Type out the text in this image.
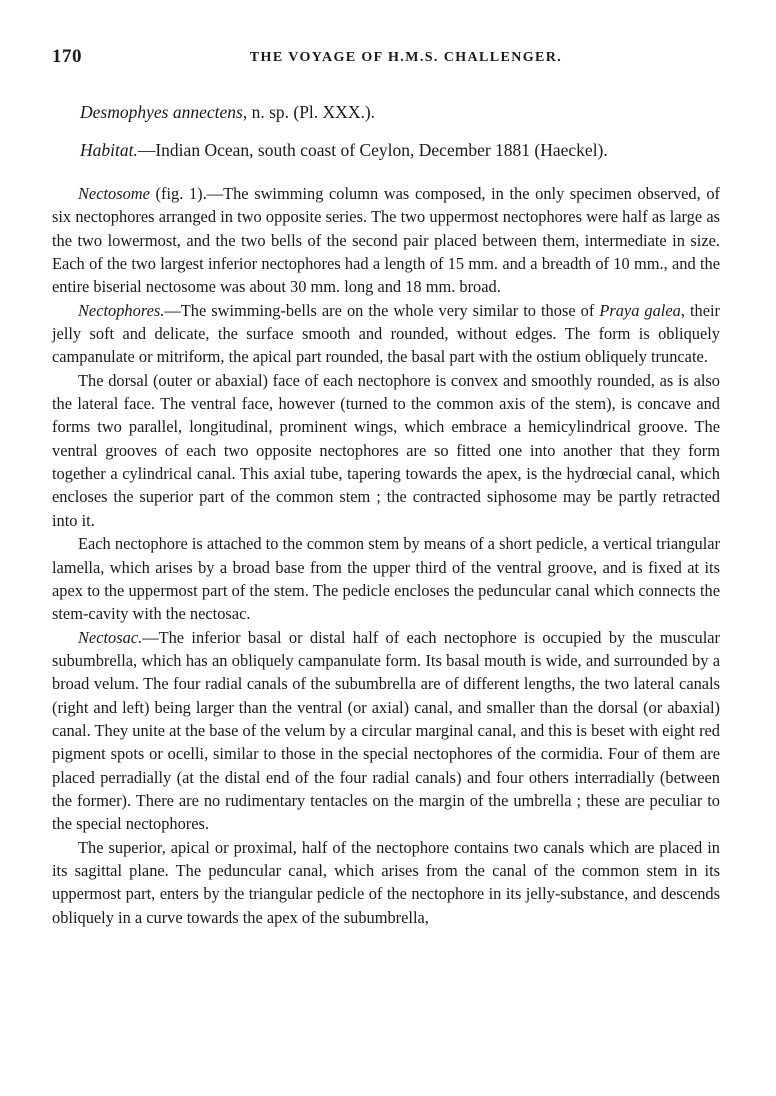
170	THE VOYAGE OF H.M.S. CHALLENGER.
Desmophyes annectens, n. sp. (Pl. XXX.).
Habitat.—Indian Ocean, south coast of Ceylon, December 1881 (Haeckel).

Nectosome (fig. 1).—The swimming column was composed, in the only specimen observed, of six nectophores arranged in two opposite series. The two uppermost nectophores were half as large as the two lowermost, and the two bells of the second pair placed between them, intermediate in size. Each of the two largest inferior nectophores had a length of 15 mm. and a breadth of 10 mm., and the entire biserial nectosome was about 30 mm. long and 18 mm. broad.

Nectophores.—The swimming-bells are on the whole very similar to those of Praya galea, their jelly soft and delicate, the surface smooth and rounded, without edges. The form is obliquely campanulate or mitriform, the apical part rounded, the basal part with the ostium obliquely truncate.

The dorsal (outer or abaxial) face of each nectophore is convex and smoothly rounded, as is also the lateral face. The ventral face, however (turned to the common axis of the stem), is concave and forms two parallel, longitudinal, prominent wings, which embrace a hemicylindrical groove. The ventral grooves of each two opposite nectophores are so fitted one into another that they form together a cylindrical canal. This axial tube, tapering towards the apex, is the hydrœcial canal, which encloses the superior part of the common stem ; the contracted siphosome may be partly retracted into it.

Each nectophore is attached to the common stem by means of a short pedicle, a vertical triangular lamella, which arises by a broad base from the upper third of the ventral groove, and is fixed at its apex to the uppermost part of the stem. The pedicle encloses the peduncular canal which connects the stem-cavity with the nectosac.

Nectosac.—The inferior basal or distal half of each nectophore is occupied by the muscular subumbrella, which has an obliquely campanulate form. Its basal mouth is wide, and surrounded by a broad velum. The four radial canals of the subumbrella are of different lengths, the two lateral canals (right and left) being larger than the ventral (or axial) canal, and smaller than the dorsal (or abaxial) canal. They unite at the base of the velum by a circular marginal canal, and this is beset with eight red pigment spots or ocelli, similar to those in the special nectophores of the cormidia. Four of them are placed perradially (at the distal end of the four radial canals) and four others interradially (between the former). There are no rudimentary tentacles on the margin of the umbrella ; these are peculiar to the special nectophores.

The superior, apical or proximal, half of the nectophore contains two canals which are placed in its sagittal plane. The peduncular canal, which arises from the canal of the common stem in its uppermost part, enters by the triangular pedicle of the nectophore in its jelly-substance, and descends obliquely in a curve towards the apex of the subumbrella,
